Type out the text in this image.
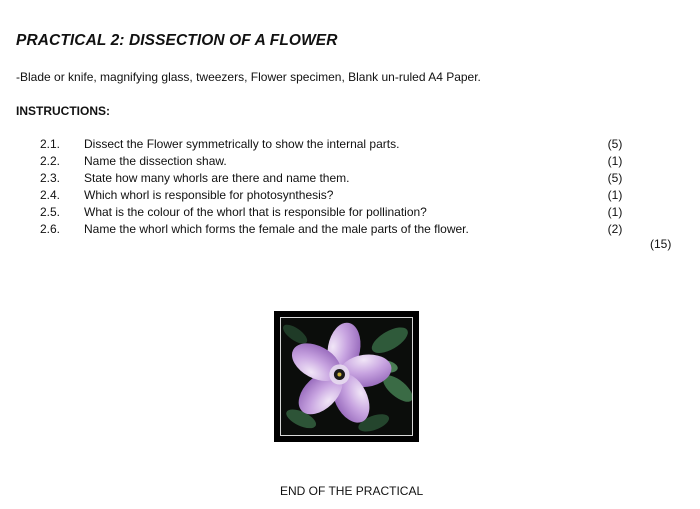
PRACTICAL 2: DISSECTION OF A FLOWER
-Blade or knife, magnifying glass, tweezers, Flower specimen, Blank un-ruled A4 Paper.
INSTRUCTIONS:
2.1. Dissect the Flower symmetrically to show the internal parts.	(5)
2.2. Name the dissection shaw.	(1)
2.3. State how many whorls are there and name them.	(5)
2.4. Which whorl is responsible for photosynthesis?	(1)
2.5. What is the colour of the whorl that is responsible for pollination?	(1)
2.6. Name the whorl which forms the female and the male parts of the flower.	(2)
(15)
END OF THE PRACTICAL
